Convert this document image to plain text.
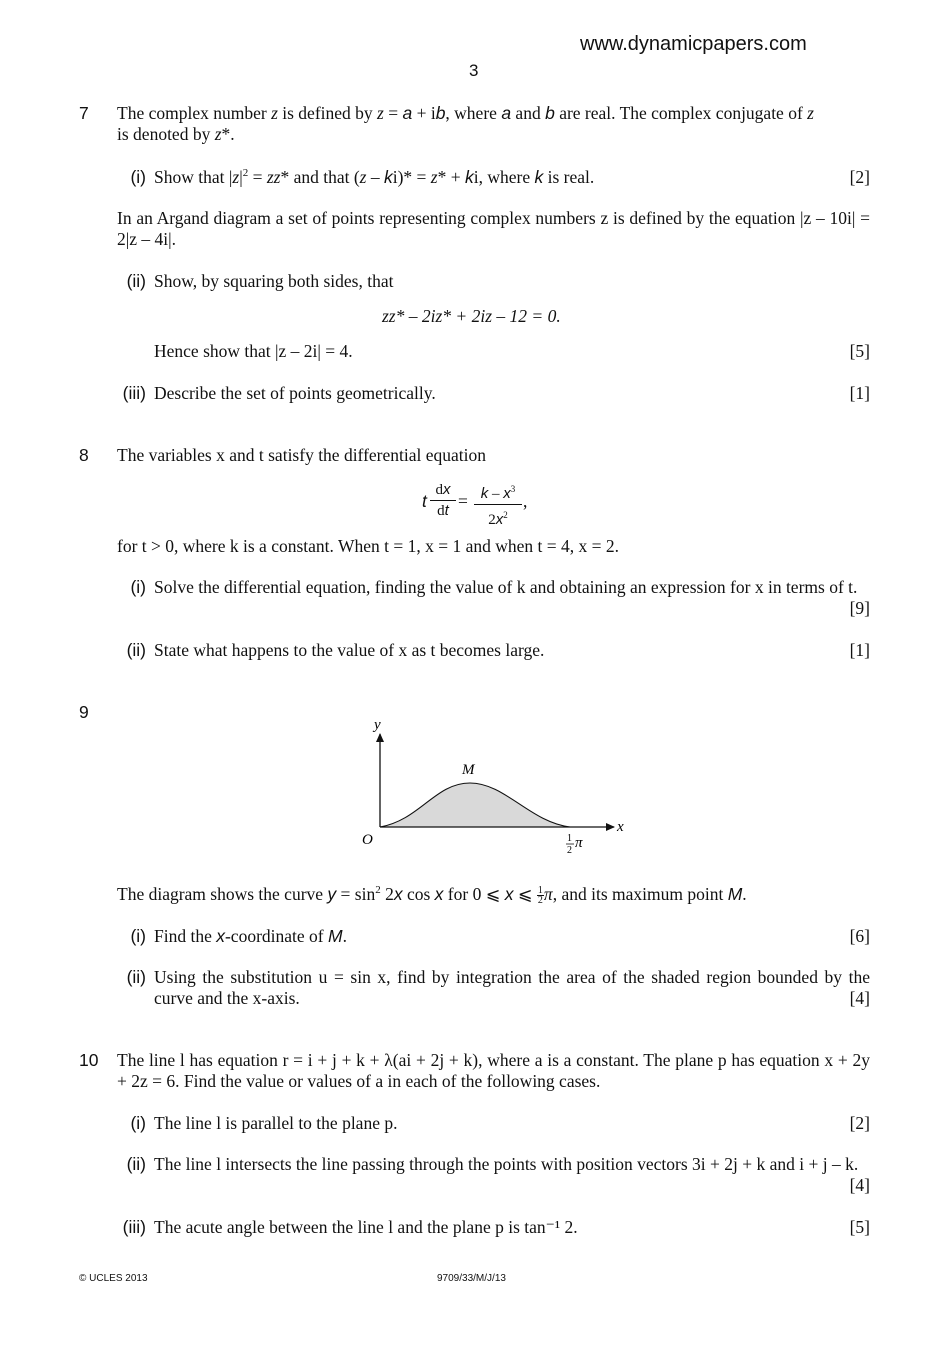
www.dynamicpapers.com
3
7 The complex number z is defined by z = a + ib, where a and b are real. The complex conjugate of z
is denoted by z*.
(i) Show that $|z|^2 = zz*$ and that (z – ki)* = z* + ki, where k is real.	[2]
In an Argand diagram a set of points representing complex numbers z is defined by the equation |z – 10i| = 2|z – 4i|.
(ii) Show, by squaring both sides, that
zz* – 2iz* + 2iz – 12 = 0.
Hence show that |z – 2i| = 4.	[5]
(iii) Describe the set of points geometrically.	[1]
8 The variables x and t satisfy the differential equation
t
dx
dt = k – $x^3$
$2x^2$
,
for t > 0, where k is a constant. When t = 1, x = 1 and when t = 4, x = 2.
(i) Solve the differential equation, finding the value of k and obtaining an expression for x in terms of t.
[9]
(ii) State what happens to the value of x as t becomes large.	[1]
9
y
x
O
M
1
2 π
The diagram shows the curve $y = \sin^2 2x$ cos x for 0 ⩽ x ⩽ $\frac{1}{2} \pi$, and its maximum point M.
(i) Find the x-coordinate of M.	[6]
(ii) Using the substitution u = sin x, find by integration the area of the shaded region bounded by the curve and the x-axis.	[4]
10 The line l has equation r = i + j + k + λ(ai + 2j + k), where a is a constant. The plane p has equation x + 2y + 2z = 6. Find the value or values of a in each of the following cases.
(i) The line l is parallel to the plane p.	[2]
(ii) The line l intersects the line passing through the points with position vectors 3i + 2j + k and i + j – k.
[4]
(iii) The acute angle between the line l and the plane p is tan⁻¹ 2.	[5]
© UCLES 2013	9709/33/M/J/13
